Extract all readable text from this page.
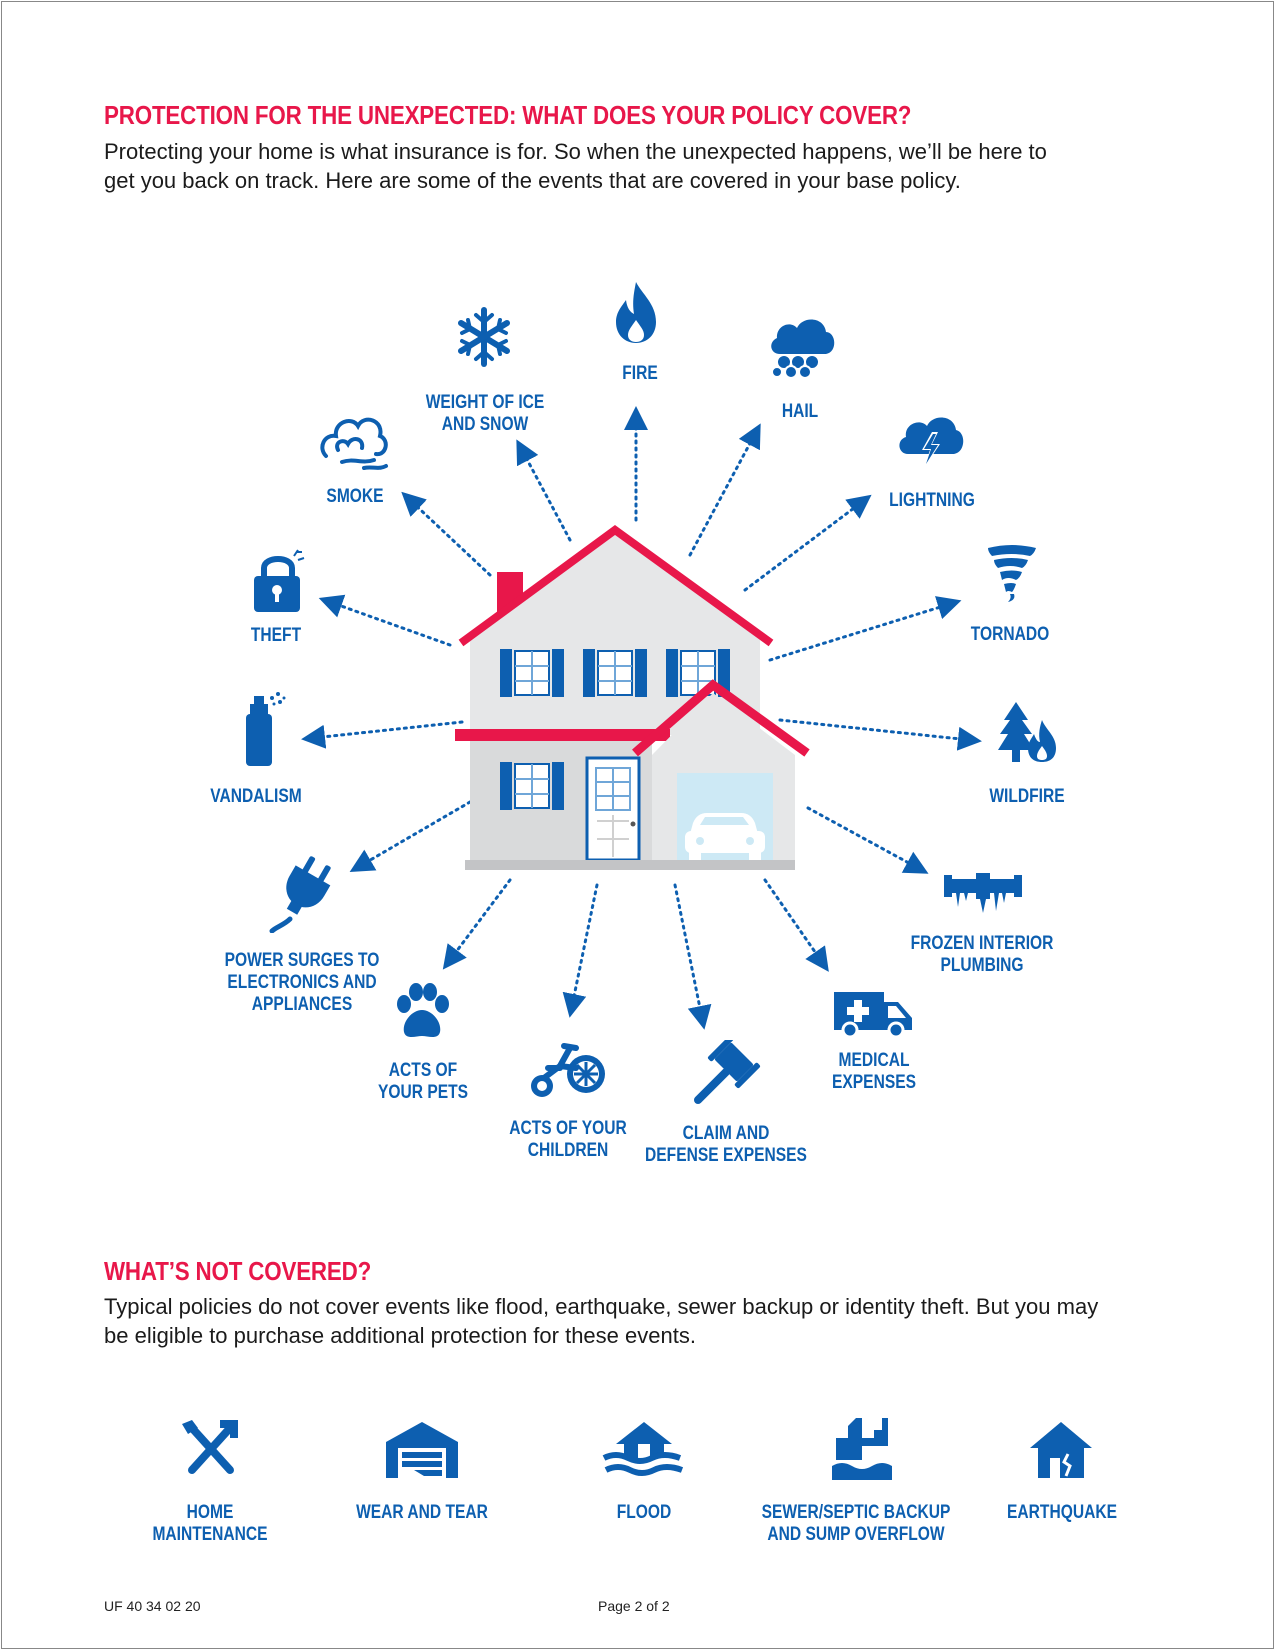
PROTECTION FOR THE UNEXPECTED: WHAT DOES YOUR POLICY COVER?
Protecting your home is what insurance is for. So when the unexpected happens, we’ll be here to
get you back on track. Here are some of the events that are covered in your base policy.
FIRE
WEIGHT OF ICE
AND SNOW
HAIL
SMOKE	LIGHTNING
THEFT	TORNADO
VANDALISM	WILDFIRE
POWER SURGES TO
ELECTRONICS AND
APPLIANCES
FROZEN INTERIOR
PLUMBING
ACTS OF
YOUR PETS
ACTS OF YOUR
CHILDREN
CLAIM AND
DEFENSE EXPENSES
MEDICAL
EXPENSES
WHAT’S NOT COVERED?
Typical policies do not cover events like flood, earthquake, sewer backup or identity theft. But you may
be eligible to purchase additional protection for these events.
HOME
MAINTENANCE
WEAR AND TEAR	FLOOD	SEWER/SEPTIC BACKUP
AND SUMP OVERFLOW
EARTHQUAKE
UF 40 34 02 20	Page 2 of 2
